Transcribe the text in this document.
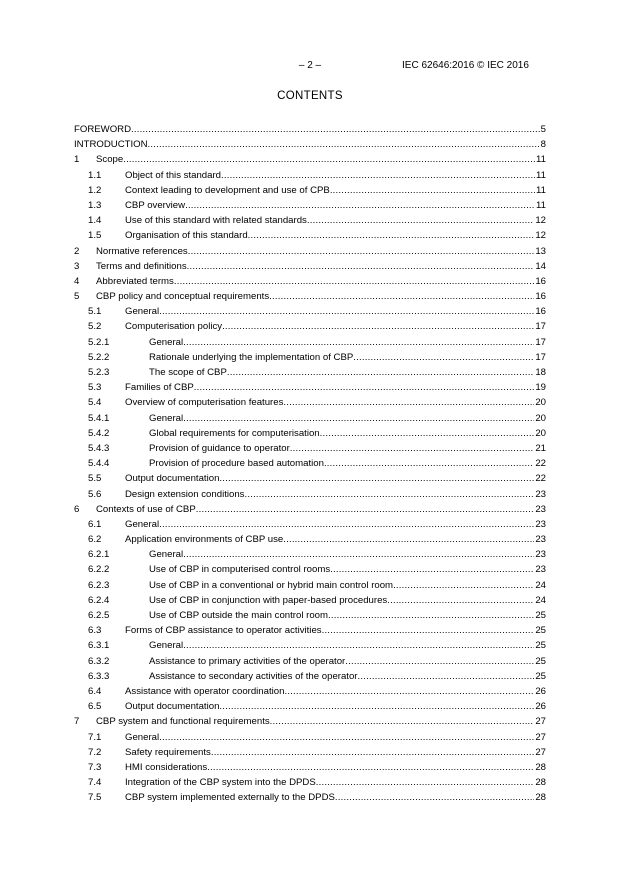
– 2 –	IEC 62646:2016 © IEC 2016
CONTENTS
FOREWORD .....	5
INTRODUCTION .....	8
1 Scope .....	11
1.1 Object of this standard .....	11
1.2 Context leading to development and use of CPB .....	11
1.3 CBP overview .....	11
1.4 Use of this standard with related standards .....	12
1.5 Organisation of this standard .....	12
2 Normative references .....	13
3 Terms and definitions .....	14
4 Abbreviated terms .....	16
5 CBP policy and conceptual requirements .....	16
5.1 General .....	16
5.2 Computerisation policy .....	17
5.2.1	General .....	17
5.2.2	Rationale underlying the implementation of CBP .....	17
5.2.3	The scope of CBP .....	18
5.3 Families of CBP .....	19
5.4 Overview of computerisation features .....	20
5.4.1	General .....	20
5.4.2	Global requirements for computerisation .....	20
5.4.3	Provision of guidance to operator .....	21
5.4.4	Provision of procedure based automation .....	22
5.5 Output documentation .....	22
5.6 Design extension conditions .....	23
6 Contexts of use of CBP .....	23
6.1 General .....	23
6.2 Application environments of CBP use .....	23
6.2.1	General .....	23
6.2.2	Use of CBP in computerised control rooms .....	23
6.2.3	Use of CBP in a conventional or hybrid main control room .....	24
6.2.4	Use of CBP in conjunction with paper-based procedures .....	24
6.2.5	Use of CBP outside the main control room .....	25
6.3 Forms of CBP assistance to operator activities .....	25
6.3.1	General .....	25
6.3.2	Assistance to primary activities of the operator .....	25
6.3.3	Assistance to secondary activities of the operator .....	25
6.4 Assistance with operator coordination .....	26
6.5 Output documentation .....	26
7 CBP system and functional requirements .....	27
7.1 General .....	27
7.2 Safety requirements .....	27
7.3 HMI considerations .....	28
7.4 Integration of the CBP system into the DPDS .....	28
7.5 CBP system implemented externally to the DPDS .....	28
